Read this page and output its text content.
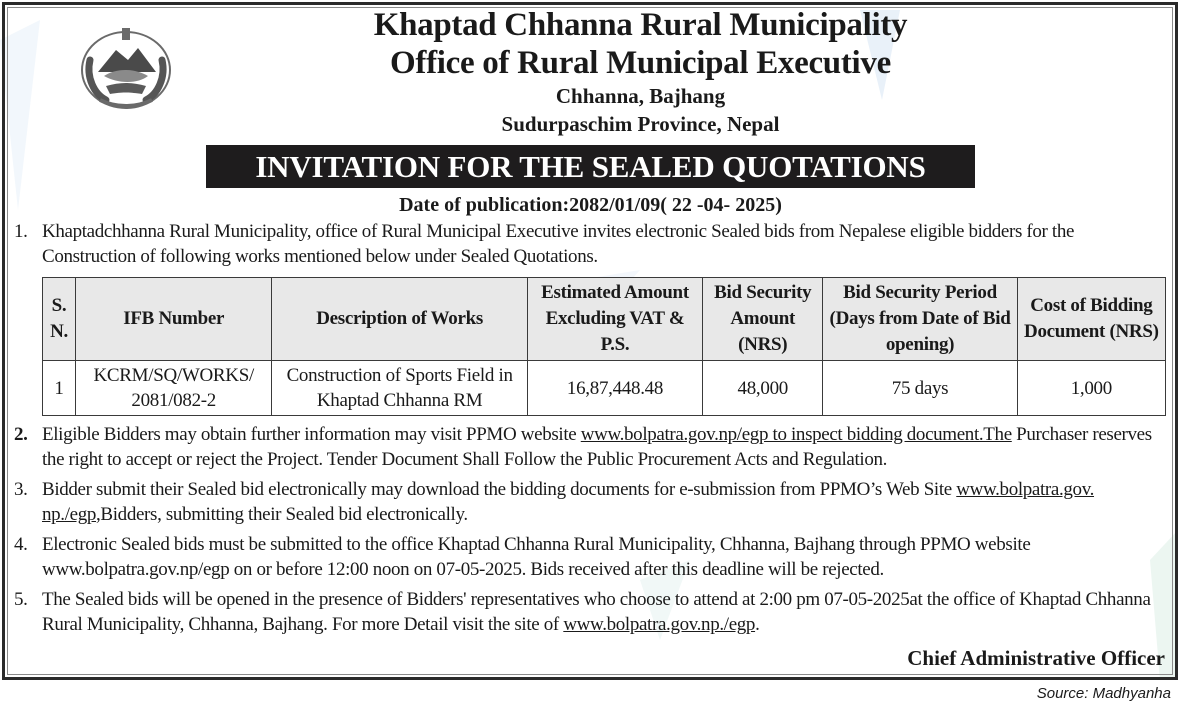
Khaptad Chhanna Rural Municipality
Office of Rural Municipal Executive
Chhanna, Bajhang
Sudurpaschim Province, Nepal
INVITATION FOR THE SEALED QUOTATIONS
Date of publication:2082/01/09( 22 -04- 2025)
1. Khaptadchhanna Rural Municipality, office of Rural Municipal Executive invites electronic Sealed bids from Nepalese eligible bidders for the Construction of following works mentioned below under Sealed Quotations.
S. N.	IFB Number	Description of Works	Estimated Amount Excluding VAT & P.S.	Bid Security Amount (NRS)	Bid Security Period (Days from Date of Bid opening)	Cost of Bidding Document (NRS)
1	KCRM/SQ/WORKS/ 2081/082-2	Construction of Sports Field in Khaptad Chhanna RM	16,87,448.48	48,000	75 days	1,000
2. Eligible Bidders may obtain further information may visit PPMO website www.bolpatra.gov.np/egp to inspect bidding document.The Purchaser reserves the right to accept or reject the Project. Tender Document Shall Follow the Public Procurement Acts and Regulation.
3. Bidder submit their Sealed bid electronically may download the bidding documents for e-submission from PPMO’s Web Site www.bolpatra.gov. np./egp,Bidders, submitting their Sealed bid electronically.
4. Electronic Sealed bids must be submitted to the office Khaptad Chhanna Rural Municipality, Chhanna, Bajhang through PPMO website www.bolpatra.gov.np/egp on or before 12:00 noon on 07-05-2025. Bids received after this deadline will be rejected.
5. The Sealed bids will be opened in the presence of Bidders' representatives who choose to attend at 2:00 pm 07-05-2025at the office of Khaptad Chhanna Rural Municipality, Chhanna, Bajhang. For more Detail visit the site of www.bolpatra.gov.np./egp.
Chief Administrative Officer
Source: Madhyanha
